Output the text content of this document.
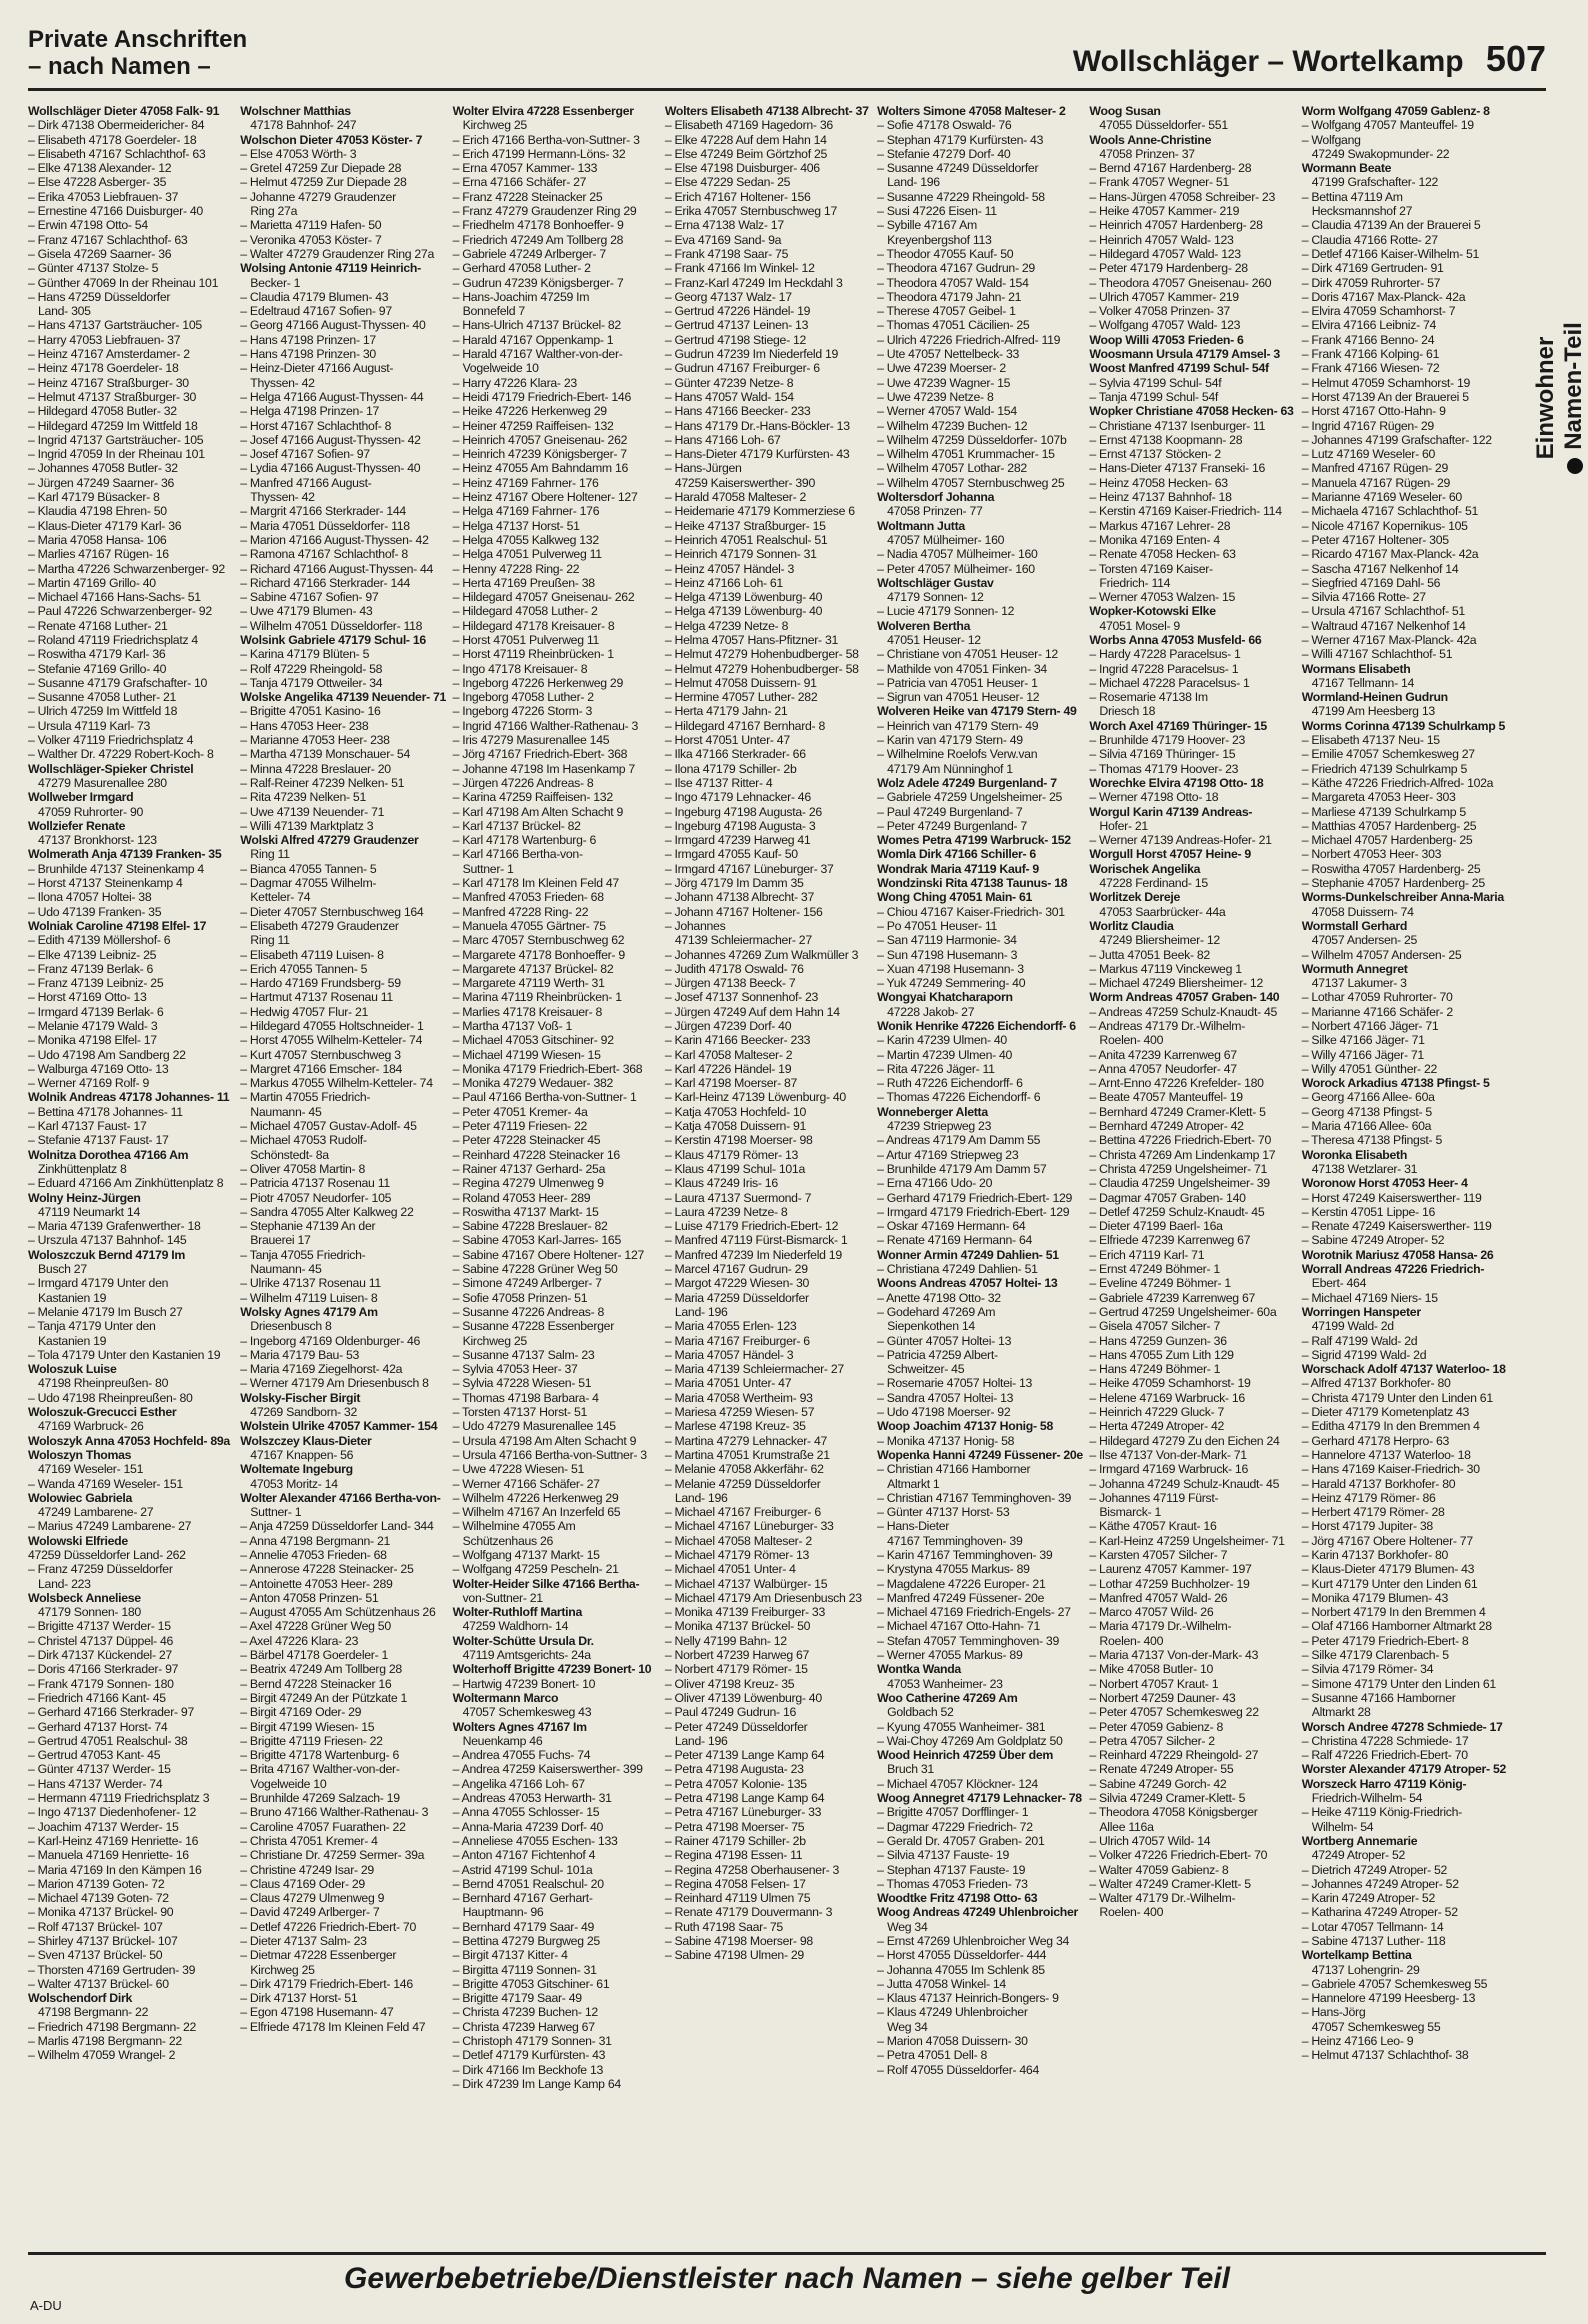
Private Anschriften
– nach Namen –	Wollschläger – Wortelkamp 507
Wollschläger Dieter 47058 Falk- 91
– Dirk 47138 Obermeidericher- 84
– Elisabeth 47178 Goerdeler- 18
– Elisabeth 47167 Schlachthof- 63
– Elke 47138 Alexander- 12
– Else 47228 Asberger- 35
– Erika 47053 Liebfrauen- 37
– Ernestine 47166 Duisburger- 40
– Erwin 47198 Otto- 54
– Franz 47167 Schlachthof- 63
– Gisela 47269 Saarner- 36
– Günter 47137 Stolze- 5
– Günther 47069 In der Rheinau 101
– Hans 47259 Düsseldorfer
Land- 305
– Hans 47137 Gartsträucher- 105
– Harry 47053 Liebfrauen- 37
– Heinz 47167 Amsterdamer- 2
– Heinz 47178 Goerdeler- 18
– Heinz 47167 Straßburger- 30
– Helmut 47137 Straßburger- 30
– Hildegard 47058 Butler- 32
– Hildegard 47259 Im Wittfeld 18
– Ingrid 47137 Gartsträucher- 105
– Ingrid 47059 In der Rheinau 101
– Johannes 47058 Butler- 32
– Jürgen 47249 Saarner- 36
– Karl 47179 Büsacker- 8
– Klaudia 47198 Ehren- 50
– Klaus-Dieter 47179 Karl- 36
– Maria 47058 Hansa- 106
– Marlies 47167 Rügen- 16
– Martha 47226 Schwarzenberger- 92
– Martin 47169 Grillo- 40
– Michael 47166 Hans-Sachs- 51
– Paul 47226 Schwarzenberger- 92
– Renate 47168 Luther- 21
– Roland 47119 Friedrichsplatz 4
– Roswitha 47179 Karl- 36
– Stefanie 47169 Grillo- 40
– Susanne 47179 Grafschafter- 10
– Susanne 47058 Luther- 21
– Ulrich 47259 Im Wittfeld 18
– Ursula 47119 Karl- 73
– Volker 47119 Friedrichsplatz 4
– Walther Dr. 47229 Robert-Koch- 8
Wollschläger-Spieker Christel
47279 Masurenallee 280
Wollweber Irmgard
47059 Ruhrorter- 90
Wollziefer Renate
47137 Bronkhorst- 123
Wolmerath Anja 47139 Franken- 35
– Brunhilde 47137 Steinenkamp 4
– Horst 47137 Steinenkamp 4
– Ilona 47057 Holtei- 38
– Udo 47139 Franken- 35
Wolniak Caroline 47198 Elfel- 17
– Edith 47139 Möllershof- 6
– Elke 47139 Leibniz- 25
– Franz 47139 Berlak- 6
– Franz 47139 Leibniz- 25
– Horst 47169 Otto- 13
– Irmgard 47139 Berlak- 6
– Melanie 47179 Wald- 3
– Monika 47198 Elfel- 17
– Udo 47198 Am Sandberg 22
– Walburga 47169 Otto- 13
– Werner 47169 Rolf- 9
Wolnik Andreas 47178 Johannes- 11
– Bettina 47178 Johannes- 11
– Karl 47137 Faust- 17
– Stefanie 47137 Faust- 17
Wolnitza Dorothea 47166 Am
Zinkhüttenplatz 8
– Eduard 47166 Am Zinkhüttenplatz 8
Wolny Heinz-Jürgen
47119 Neumarkt 14
– Maria 47139 Grafenwerther- 18
– Urszula 47137 Bahnhof- 145
Woloszczuk Bernd 47179 Im
Busch 27
– Irmgard 47179 Unter den
Kastanien 19
– Melanie 47179 Im Busch 27
– Tanja 47179 Unter den
Kastanien 19
– Tola 47179 Unter den Kastanien 19
Woloszuk Luise
47198 Rheinpreußen- 80
– Udo 47198 Rheinpreußen- 80
Woloszuk-Grecucci Esther
47169 Warbruck- 26
Woloszyk Anna 47053 Hochfeld- 89a
Woloszyn Thomas
47169 Weseler- 151
– Wanda 47169 Weseler- 151
Wolowiec Gabriela
47249 Lambarene- 27
– Marius 47249 Lambarene- 27
Wolowski Elfriede
47259 Düsseldorfer Land- 262
– Franz 47259 Düsseldorfer
Land- 223
Wolsbeck Anneliese
47179 Sonnen- 180
– Brigitte 47137 Werder- 15
– Christel 47137 Düppel- 46
– Dirk 47137 Kückendel- 27
– Doris 47166 Sterkrader- 97
– Frank 47179 Sonnen- 180
– Friedrich 47166 Kant- 45
– Gerhard 47166 Sterkrader- 97
– Gerhard 47137 Horst- 74
– Gertrud 47051 Realschul- 38
– Gertrud 47053 Kant- 45
– Günter 47137 Werder- 15
– Hans 47137 Werder- 74
– Hermann 47119 Friedrichsplatz 3
– Ingo 47137 Diedenhofener- 12
– Joachim 47137 Werder- 15
– Karl-Heinz 47169 Henriette- 16
– Manuela 47169 Henriette- 16
– Maria 47169 In den Kämpen 16
– Marion 47139 Goten- 72
– Michael 47139 Goten- 72
– Monika 47137 Brückel- 90
– Rolf 47137 Brückel- 107
– Shirley 47137 Brückel- 107
– Sven 47137 Brückel- 50
– Thorsten 47169 Gertruden- 39
– Walter 47137 Brückel- 60
Wolschendorf Dirk
47198 Bergmann- 22
– Friedrich 47198 Bergmann- 22
– Marlis 47198 Bergmann- 22
– Wilhelm 47059 Wrangel- 2
Wolschner Matthias
47178 Bahnhof- 247
Wolschon Dieter 47053 Köster- 7
– Else 47053 Wörth- 3
– Gretel 47259 Zur Diepade 28
– Helmut 47259 Zur Diepade 28
– Johanne 47279 Graudenzer
Ring 27a
– Marietta 47119 Hafen- 50
– Veronika 47053 Köster- 7
– Walter 47279 Graudenzer Ring 27a
Wolsing Antonie 47119 Heinrich-
Becker- 1
– Claudia 47179 Blumen- 43
– Edeltraud 47167 Sofien- 97
– Georg 47166 August-Thyssen- 40
– Hans 47198 Prinzen- 17
– Hans 47198 Prinzen- 30
– Heinz-Dieter 47166 August-
Thyssen- 42
– Helga 47166 August-Thyssen- 44
– Helga 47198 Prinzen- 17
– Horst 47167 Schlachthof- 8
– Josef 47166 August-Thyssen- 42
– Josef 47167 Sofien- 97
– Lydia 47166 August-Thyssen- 40
– Manfred 47166 August-
Thyssen- 42
– Margrit 47166 Sterkrader- 144
– Maria 47051 Düsseldorfer- 118
– Marion 47166 August-Thyssen- 42
– Ramona 47167 Schlachthof- 8
– Richard 47166 August-Thyssen- 44
– Richard 47166 Sterkrader- 144
– Sabine 47167 Sofien- 97
– Uwe 47179 Blumen- 43
– Wilhelm 47051 Düsseldorfer- 118
Wolsink Gabriele 47179 Schul- 16
– Karina 47179 Blüten- 5
– Rolf 47229 Rheingold- 58
– Tanja 47179 Ottweiler- 34
Wolske Angelika 47139 Neuender- 71
– Brigitte 47051 Kasino- 16
– Hans 47053 Heer- 238
– Marianne 47053 Heer- 238
– Martha 47139 Monschauer- 54
– Minna 47228 Breslauer- 20
– Ralf-Reiner 47239 Nelken- 51
– Rita 47239 Nelken- 51
– Uwe 47139 Neuender- 71
– Willi 47139 Marktplatz 3
Wolski Alfred 47279 Graudenzer
Ring 11
– Bianca 47055 Tannen- 5
– Dagmar 47055 Wilhelm-
Ketteler- 74
– Dieter 47057 Sternbuschweg 164
– Elisabeth 47279 Graudenzer
Ring 11
– Elisabeth 47119 Luisen- 8
– Erich 47055 Tannen- 5
– Hardo 47169 Frundsberg- 59
– Hartmut 47137 Rosenau 11
– Hedwig 47057 Flur- 21
– Hildegard 47055 Holtschneider- 1
– Horst 47055 Wilhelm-Ketteler- 74
– Kurt 47057 Sternbuschweg 3
– Margret 47166 Emscher- 184
– Markus 47055 Wilhelm-Ketteler- 74
– Martin 47055 Friedrich-
Naumann- 45
– Michael 47057 Gustav-Adolf- 45
– Michael 47053 Rudolf-
Schönstedt- 8a
– Oliver 47058 Martin- 8
– Patricia 47137 Rosenau 11
– Piotr 47057 Neudorfer- 105
– Sandra 47055 Alter Kalkweg 22
– Stephanie 47139 An der
Brauerei 17
– Tanja 47055 Friedrich-
Naumann- 45
– Ulrike 47137 Rosenau 11
– Wilhelm 47119 Luisen- 8
Wolsky Agnes 47179 Am
Driesenbusch 8
– Ingeborg 47169 Oldenburger- 46
– Maria 47179 Bau- 53
– Maria 47169 Ziegelhorst- 42a
– Werner 47179 Am Driesenbusch 8
Wolsky-Fischer Birgit
47269 Sandborn- 32
Wolstein Ulrike 47057 Kammer- 154
Wolszczey Klaus-Dieter
47167 Knappen- 56
Woltemate Ingeburg
47053 Moritz- 14
Wolter Alexander 47166 Bertha-von-
Suttner- 1
– Anja 47259 Düsseldorfer Land- 344
– Anna 47198 Bergmann- 21
– Annelie 47053 Frieden- 68
– Annerose 47228 Steinacker- 25
– Antoinette 47053 Heer- 289
– Anton 47058 Prinzen- 51
– August 47055 Am Schützenhaus 26
– Axel 47228 Grüner Weg 50
– Axel 47226 Klara- 23
– Bärbel 47178 Goerdeler- 1
– Beatrix 47249 Am Tollberg 28
– Bernd 47228 Steinacker 16
– Birgit 47249 An der Pützkate 1
– Birgit 47169 Oder- 29
– Birgit 47199 Wiesen- 15
– Brigitte 47119 Friesen- 22
– Brigitte 47178 Wartenburg- 6
– Brita 47167 Walther-von-der-
Vogelweide 10
– Brunhilde 47269 Salzach- 19
– Bruno 47166 Walther-Rathenau- 3
– Caroline 47057 Fuarathen- 22
– Christa 47051 Kremer- 4
– Christiane Dr. 47259 Sermer- 39a
– Christine 47249 Isar- 29
– Claus 47169 Oder- 29
– Claus 47279 Ulmenweg 9
– David 47249 Arlberger- 7
– Detlef 47226 Friedrich-Ebert- 70
– Dieter 47137 Salm- 23
– Dietmar 47228 Essenberger
Kirchweg 25
– Dirk 47179 Friedrich-Ebert- 146
– Dirk 47137 Horst- 51
– Egon 47198 Husemann- 47
– Elfriede 47178 Im Kleinen Feld 47
Wolter Elvira 47228 Essenberger
Kirchweg 25
– Erich 47166 Bertha-von-Suttner- 3
– Erich 47199 Hermann-Löns- 32
– Erna 47057 Kammer- 133
– Erna 47166 Schäfer- 27
– Franz 47228 Steinacker 25
– Franz 47279 Graudenzer Ring 29
– Friedhelm 47178 Bonhoeffer- 9
– Friedrich 47249 Am Tollberg 28
– Gabriele 47249 Arlberger- 7
– Gerhard 47058 Luther- 2
– Gudrun 47239 Königsberger- 7
– Hans-Joachim 47259 Im
Bonnefeld 7
– Hans-Ulrich 47137 Brückel- 82
– Harald 47167 Oppenkamp- 1
– Harald 47167 Walther-von-der-
Vogelweide 10
– Harry 47226 Klara- 23
– Heidi 47179 Friedrich-Ebert- 146
– Heike 47226 Herkenweg 29
– Heiner 47259 Raiffeisen- 132
– Heinrich 47057 Gneisenau- 262
– Heinrich 47239 Königsberger- 7
– Heinz 47055 Am Bahndamm 16
– Heinz 47169 Fahrner- 176
– Heinz 47167 Obere Holtener- 127
– Helga 47169 Fahrner- 176
– Helga 47137 Horst- 51
– Helga 47055 Kalkweg 132
– Helga 47051 Pulverweg 11
– Henny 47228 Ring- 22
– Herta 47169 Preußen- 38
– Hildegard 47057 Gneisenau- 262
– Hildegard 47058 Luther- 2
– Hildegard 47178 Kreisauer- 8
– Horst 47051 Pulverweg 11
– Horst 47119 Rheinbrücken- 1
– Ingo 47178 Kreisauer- 8
– Ingeborg 47226 Herkenweg 29
– Ingeborg 47058 Luther- 2
– Ingeborg 47226 Storm- 3
– Ingrid 47166 Walther-Rathenau- 3
– Iris 47279 Masurenallee 145
– Jörg 47167 Friedrich-Ebert- 368
– Johanne 47198 Im Hasenkamp 7
– Jürgen 47226 Andreas- 8
– Karina 47259 Raiffeisen- 132
– Karl 47198 Am Alten Schacht 9
– Karl 47137 Brückel- 82
– Karl 47178 Wartenburg- 6
– Karl 47166 Bertha-von-
Suttner- 1
– Karl 47178 Im Kleinen Feld 47
– Manfred 47053 Frieden- 68
– Manfred 47228 Ring- 22
– Manuela 47055 Gärtner- 75
– Marc 47057 Sternbuschweg 62
– Margarete 47178 Bonhoeffer- 9
– Margarete 47137 Brückel- 82
– Margarete 47119 Werth- 31
– Marina 47119 Rheinbrücken- 1
– Marlies 47178 Kreisauer- 8
– Martha 47137 Voß- 1
– Michael 47053 Gitschiner- 92
– Michael 47199 Wiesen- 15
– Monika 47179 Friedrich-Ebert- 368
– Monika 47279 Wedauer- 382
– Paul 47166 Bertha-von-Suttner- 1
– Peter 47051 Kremer- 4a
– Peter 47119 Friesen- 22
– Peter 47228 Steinacker 45
– Reinhard 47228 Steinacker 16
– Rainer 47137 Gerhard- 25a
– Regina 47279 Ulmenweg 9
– Roland 47053 Heer- 289
– Roswitha 47137 Markt- 15
– Sabine 47228 Breslauer- 82
– Sabine 47053 Karl-Jarres- 165
– Sabine 47167 Obere Holtener- 127
– Sabine 47228 Grüner Weg 50
– Simone 47249 Arlberger- 7
– Sofie 47058 Prinzen- 51
– Susanne 47226 Andreas- 8
– Susanne 47228 Essenberger
Kirchweg 25
– Susanne 47137 Salm- 23
– Sylvia 47053 Heer- 37
– Sylvia 47228 Wiesen- 51
– Thomas 47198 Barbara- 4
– Torsten 47137 Horst- 51
– Udo 47279 Masurenallee 145
– Ursula 47198 Am Alten Schacht 9
– Ursula 47166 Bertha-von-Suttner- 3
– Uwe 47228 Wiesen- 51
– Werner 47166 Schäfer- 27
– Wilhelm 47226 Herkenweg 29
– Wilhelm 47167 An Inzerfeld 65
– Wilhelmine 47055 Am
Schützenhaus 26
– Wolfgang 47137 Markt- 15
– Wolfgang 47259 Pescheln- 21
Wolter-Heider Silke 47166 Bertha-
von-Suttner- 21
Wolter-Ruthloff Martina
47259 Waldhorn- 14
Wolter-Schütte Ursula Dr.
47119 Amtsgerichts- 24a
Wolterhoff Brigitte 47239 Bonert- 10
– Hartwig 47239 Bonert- 10
Woltermann Marco
47057 Schemkesweg 43
Wolters Agnes 47167 Im
Neuenkamp 46
– Andrea 47055 Fuchs- 74
– Andrea 47259 Kaiserswerther- 399
– Angelika 47166 Loh- 67
– Andreas 47053 Herwarth- 31
– Anna 47055 Schlosser- 15
– Anna-Maria 47239 Dorf- 40
– Anneliese 47055 Eschen- 133
– Anton 47167 Fichtenhof 4
– Astrid 47199 Schul- 101a
– Bernd 47051 Realschul- 20
– Bernhard 47167 Gerhart-
Hauptmann- 96
– Bernhard 47179 Saar- 49
– Bettina 47279 Burgweg 25
– Birgit 47137 Kitter- 4
– Birgitta 47119 Sonnen- 31
– Brigitte 47053 Gitschiner- 61
– Brigitte 47179 Saar- 49
– Christa 47239 Buchen- 12
– Christa 47239 Harweg 67
– Christoph 47179 Sonnen- 31
– Detlef 47179 Kurfürsten- 43
– Dirk 47166 Im Beckhofe 13
– Dirk 47239 Im Lange Kamp 64
Wolters Elisabeth 47138 Albrecht- 37
– Elisabeth 47169 Hagedorn- 36
– Elke 47228 Auf dem Hahn 14
– Else 47249 Beim Görtzhof 25
– Else 47198 Duisburger- 406
– Else 47229 Sedan- 25
– Erich 47167 Holtener- 156
– Erika 47057 Sternbuschweg 17
– Erna 47138 Walz- 17
– Eva 47169 Sand- 9a
– Frank 47198 Saar- 75
– Frank 47166 Im Winkel- 12
– Franz-Karl 47249 Im Heckdahl 3
– Georg 47137 Walz- 17
– Gertrud 47226 Händel- 19
– Gertrud 47137 Leinen- 13
– Gertrud 47198 Stiege- 12
– Gudrun 47239 Im Niederfeld 19
– Gudrun 47167 Freiburger- 6
– Günter 47239 Netze- 8
– Hans 47057 Wald- 154
– Hans 47166 Beecker- 233
– Hans 47179 Dr.-Hans-Böckler- 13
– Hans 47166 Loh- 67
– Hans-Dieter 47179 Kurfürsten- 43
– Hans-Jürgen
47259 Kaiserswerther- 390
– Harald 47058 Malteser- 2
– Heidemarie 47179 Kommerziese 6
– Heike 47137 Straßburger- 15
– Heinrich 47051 Realschul- 51
– Heinrich 47179 Sonnen- 31
– Heinz 47057 Händel- 3
– Heinz 47166 Loh- 61
– Helga 47139 Löwenburg- 40
– Helga 47139 Löwenburg- 40
– Helga 47239 Netze- 8
– Helma 47057 Hans-Pfitzner- 31
– Helmut 47279 Hohenbudberger- 58
– Helmut 47279 Hohenbudberger- 58
– Helmut 47058 Duissern- 91
– Hermine 47057 Luther- 282
– Herta 47179 Jahn- 21
– Hildegard 47167 Bernhard- 8
– Horst 47051 Unter- 47
– Ilka 47166 Sterkrader- 66
– Ilona 47179 Schiller- 2b
– Ilse 47137 Ritter- 4
– Ingo 47179 Lehnacker- 46
– Ingeburg 47198 Augusta- 26
– Ingeburg 47198 Augusta- 3
– Irmgard 47239 Harweg 41
– Irmgard 47055 Kauf- 50
– Irmgard 47167 Lüneburger- 37
– Jörg 47179 Im Damm 35
– Johann 47138 Albrecht- 37
– Johann 47167 Holtener- 156
– Johannes
47139 Schleiermacher- 27
– Johannes 47269 Zum Walkmüller 3
– Judith 47178 Oswald- 76
– Jürgen 47138 Beeck- 7
– Josef 47137 Sonnenhof- 23
– Jürgen 47249 Auf dem Hahn 14
– Jürgen 47239 Dorf- 40
– Karin 47166 Beecker- 233
– Karl 47058 Malteser- 2
– Karl 47226 Händel- 19
– Karl 47198 Moerser- 87
– Karl-Heinz 47139 Löwenburg- 40
– Katja 47053 Hochfeld- 10
– Katja 47058 Duissern- 91
– Kerstin 47198 Moerser- 98
– Klaus 47179 Römer- 13
– Klaus 47199 Schul- 101a
– Klaus 47249 Iris- 16
– Laura 47137 Suermond- 7
– Laura 47239 Netze- 8
– Luise 47179 Friedrich-Ebert- 12
– Manfred 47119 Fürst-Bismarck- 1
– Manfred 47239 Im Niederfeld 19
– Marcel 47167 Gudrun- 29
– Margot 47229 Wiesen- 30
– Maria 47259 Düsseldorfer
Land- 196
– Maria 47055 Erlen- 123
– Maria 47167 Freiburger- 6
– Maria 47057 Händel- 3
– Maria 47139 Schleiermacher- 27
– Maria 47051 Unter- 47
– Maria 47058 Wertheim- 93
– Mariesa 47259 Wiesen- 57
– Marlese 47198 Kreuz- 35
– Martina 47279 Lehnacker- 47
– Martina 47051 Krumstraße 21
– Melanie 47058 Akkerfähr- 62
– Melanie 47259 Düsseldorfer
Land- 196
– Michael 47167 Freiburger- 6
– Michael 47167 Lüneburger- 33
– Michael 47058 Malteser- 2
– Michael 47179 Römer- 13
– Michael 47051 Unter- 4
– Michael 47137 Walbürger- 15
– Michael 47179 Am Driesenbusch 23
– Monika 47139 Freiburger- 33
– Monika 47137 Brückel- 50
– Nelly 47199 Bahn- 12
– Norbert 47239 Harweg 67
– Norbert 47179 Römer- 15
– Oliver 47198 Kreuz- 35
– Oliver 47139 Löwenburg- 40
– Paul 47249 Gudrun- 16
– Peter 47249 Düsseldorfer
Land- 196
– Peter 47139 Lange Kamp 64
– Petra 47198 Augusta- 23
– Petra 47057 Kolonie- 135
– Petra 47198 Lange Kamp 64
– Petra 47167 Lüneburger- 33
– Petra 47198 Moerser- 75
– Rainer 47179 Schiller- 2b
– Regina 47198 Essen- 11
– Regina 47258 Oberhausener- 3
– Regina 47058 Felsen- 17
– Reinhard 47119 Ulmen 75
– Renate 47179 Douvermann- 3
– Ruth 47198 Saar- 75
– Sabine 47198 Moerser- 98
– Sabine 47198 Ulmen- 29
Wolters Simone 47058 Malteser- 2
– Sofie 47178 Oswald- 76
– Stephan 47179 Kurfürsten- 43
– Stefanie 47279 Dorf- 40
– Susanne 47249 Düsseldorfer
Land- 196
– Susanne 47229 Rheingold- 58
– Susi 47226 Eisen- 11
– Sybille 47167 Am
Kreyenbergshof 113
– Theodor 47055 Kauf- 50
– Theodora 47167 Gudrun- 29
– Theodora 47057 Wald- 154
– Theodora 47179 Jahn- 21
– Therese 47057 Geibel- 1
– Thomas 47051 Cäcilien- 25
– Ulrich 47226 Friedrich-Alfred- 119
– Ute 47057 Nettelbeck- 33
– Uwe 47239 Moerser- 2
– Uwe 47239 Wagner- 15
– Uwe 47239 Netze- 8
– Werner 47057 Wald- 154
– Wilhelm 47239 Buchen- 12
– Wilhelm 47259 Düsseldorfer- 107b
– Wilhelm 47051 Krummacher- 15
– Wilhelm 47057 Lothar- 282
– Wilhelm 47057 Sternbuschweg 25
Woltersdorf Johanna
47058 Prinzen- 77
Woltmann Jutta
47057 Mülheimer- 160
– Nadia 47057 Mülheimer- 160
– Peter 47057 Mülheimer- 160
Woltschläger Gustav
47179 Sonnen- 12
– Lucie 47179 Sonnen- 12
Wolveren Bertha
47051 Heuser- 12
– Christiane von 47051 Heuser- 12
– Mathilde von 47051 Finken- 34
– Patricia van 47051 Heuser- 1
– Sigrun van 47051 Heuser- 12
Wolveren Heike van 47179 Stern- 49
– Heinrich van 47179 Stern- 49
– Karin van 47179 Stern- 49
– Wilhelmine Roelofs Verw.van
47179 Am Nünninghof 1
Wolz Adele 47249 Burgenland- 7
– Gabriele 47259 Ungelsheimer- 25
– Paul 47249 Burgenland- 7
– Peter 47249 Burgenland- 7
Womes Petra 47199 Warbruck- 152
Womla Dirk 47166 Schiller- 6
Wondrak Maria 47119 Kauf- 9
Wondzinski Rita 47138 Taunus- 18
Wong Ching 47051 Main- 61
– Chiou 47167 Kaiser-Friedrich- 301
– Po 47051 Heuser- 11
– San 47119 Harmonie- 34
– Sun 47198 Husemann- 3
– Xuan 47198 Husemann- 3
– Yuk 47249 Semmering- 40
Wongyai Khatcharaporn
47228 Jakob- 27
Wonik Henrike 47226 Eichendorff- 6
– Karin 47239 Ulmen- 40
– Martin 47239 Ulmen- 40
– Rita 47226 Jäger- 11
– Ruth 47226 Eichendorff- 6
– Thomas 47226 Eichendorff- 6
Wonneberger Aletta
47239 Striepweg 23
– Andreas 47179 Am Damm 55
– Artur 47169 Striepweg 23
– Brunhilde 47179 Am Damm 57
– Erna 47166 Udo- 20
– Gerhard 47179 Friedrich-Ebert- 129
– Irmgard 47179 Friedrich-Ebert- 129
– Oskar 47169 Hermann- 64
– Renate 47169 Hermann- 64
Wonner Armin 47249 Dahlien- 51
– Christiana 47249 Dahlien- 51
Woons Andreas 47057 Holtei- 13
– Anette 47198 Otto- 32
– Godehard 47269 Am
Siepenkothen 14
– Günter 47057 Holtei- 13
– Patricia 47259 Albert-
Schweitzer- 45
– Rosemarie 47057 Holtei- 13
– Sandra 47057 Holtei- 13
– Udo 47198 Moerser- 92
Woop Joachim 47137 Honig- 58
– Monika 47137 Honig- 58
Wopenka Hanni 47249 Füssener- 20e
– Christian 47166 Hamborner
Altmarkt 1
– Christian 47167 Temminghoven- 39
– Günter 47137 Horst- 53
– Hans-Dieter
47167 Temminghoven- 39
– Karin 47167 Temminghoven- 39
– Krystyna 47055 Markus- 89
– Magdalene 47226 Europer- 21
– Manfred 47249 Füssener- 20e
– Michael 47169 Friedrich-Engels- 27
– Michael 47167 Otto-Hahn- 71
– Stefan 47057 Temminghoven- 39
– Werner 47055 Markus- 89
Wontka Wanda
47053 Wanheimer- 23
Woo Catherine 47269 Am
Goldbach 52
– Kyung 47055 Wanheimer- 381
– Wai-Choy 47269 Am Goldplatz 50
Wood Heinrich 47259 Über dem
Bruch 31
– Michael 47057 Klöckner- 124
Woog Annegret 47179 Lehnacker- 78
– Brigitte 47057 Dorfflinger- 1
– Dagmar 47229 Friedrich- 72
– Gerald Dr. 47057 Graben- 201
– Silvia 47137 Fauste- 19
– Stephan 47137 Fauste- 19
– Thomas 47053 Frieden- 73
Woodtke Fritz 47198 Otto- 63
Woog Andreas 47249 Uhlenbroicher
Weg 34
– Ernst 47269 Uhlenbroicher Weg 34
– Horst 47055 Düsseldorfer- 444
– Johanna 47055 Im Schlenk 85
– Jutta 47058 Winkel- 14
– Klaus 47137 Heinrich-Bongers- 9
– Klaus 47249 Uhlenbroicher
Weg 34
– Marion 47058 Duissern- 30
– Petra 47051 Dell- 8
– Rolf 47055 Düsseldorfer- 464
Woog Susan
47055 Düsseldorfer- 551
Wools Anne-Christine
47058 Prinzen- 37
– Bernd 47167 Hardenberg- 28
– Frank 47057 Wegner- 51
– Hans-Jürgen 47058 Schreiber- 23
– Heike 47057 Kammer- 219
– Heinrich 47057 Hardenberg- 28
– Heinrich 47057 Wald- 123
– Hildegard 47057 Wald- 123
– Peter 47179 Hardenberg- 28
– Theodora 47057 Gneisenau- 260
– Ulrich 47057 Kammer- 219
– Volker 47058 Prinzen- 37
– Wolfgang 47057 Wald- 123
Woop Willi 47053 Frieden- 6
Woosmann Ursula 47179 Amsel- 3
Woost Manfred 47199 Schul- 54f
– Sylvia 47199 Schul- 54f
– Tanja 47199 Schul- 54f
Wopker Christiane 47058 Hecken- 63
– Christiane 47137 Isenburger- 11
– Ernst 47138 Koopmann- 28
– Ernst 47137 Stöcken- 2
– Hans-Dieter 47137 Franseki- 16
– Heinz 47058 Hecken- 63
– Heinz 47137 Bahnhof- 18
– Kerstin 47169 Kaiser-Friedrich- 114
– Markus 47167 Lehrer- 28
– Monika 47169 Enten- 4
– Renate 47058 Hecken- 63
– Torsten 47169 Kaiser-
Friedrich- 114
– Werner 47053 Walzen- 15
Wopker-Kotowski Elke
47051 Mosel- 9
Worbs Anna 47053 Musfeld- 66
– Hardy 47228 Paracelsus- 1
– Ingrid 47228 Paracelsus- 1
– Michael 47228 Paracelsus- 1
– Rosemarie 47138 Im
Driesch 18
Worch Axel 47169 Thüringer- 15
– Brunhilde 47179 Hoover- 23
– Silvia 47169 Thüringer- 15
– Thomas 47179 Hoover- 23
Worechke Elvira 47198 Otto- 18
– Werner 47198 Otto- 18
Worgul Karin 47139 Andreas-
Hofer- 21
– Werner 47139 Andreas-Hofer- 21
Worgull Horst 47057 Heine- 9
Worischek Angelika
47228 Ferdinand- 15
Worlitzek Dereje
47053 Saarbrücker- 44a
Worlitz Claudia
47249 Bliersheimer- 12
– Jutta 47051 Beek- 82
– Markus 47119 Vinckeweg 1
– Michael 47249 Bliersheimer- 12
Worm Andreas 47057 Graben- 140
– Andreas 47259 Schulz-Knaudt- 45
– Andreas 47179 Dr.-Wilhelm-
Roelen- 400
– Anita 47239 Karrenweg 67
– Anna 47057 Neudorfer- 47
– Arnt-Enno 47226 Krefelder- 180
– Beate 47057 Manteuffel- 19
– Bernhard 47249 Cramer-Klett- 5
– Bernhard 47249 Atroper- 42
– Bettina 47226 Friedrich-Ebert- 70
– Christa 47269 Am Lindenkamp 17
– Christa 47259 Ungelsheimer- 71
– Claudia 47259 Ungelsheimer- 39
– Dagmar 47057 Graben- 140
– Detlef 47259 Schulz-Knaudt- 45
– Dieter 47199 Baerl- 16a
– Elfriede 47239 Karrenweg 67
– Erich 47119 Karl- 71
– Ernst 47249 Böhmer- 1
– Eveline 47249 Böhmer- 1
– Gabriele 47239 Karrenweg 67
– Gertrud 47259 Ungelsheimer- 60a
– Gisela 47057 Silcher- 7
– Hans 47259 Gunzen- 36
– Hans 47055 Zum Lith 129
– Hans 47249 Böhmer- 1
– Heike 47059 Schamhorst- 19
– Helene 47169 Warbruck- 16
– Heinrich 47229 Gluck- 7
– Herta 47249 Atroper- 42
– Hildegard 47279 Zu den Eichen 24
– Ilse 47137 Von-der-Mark- 71
– Irmgard 47169 Warbruck- 16
– Johanna 47249 Schulz-Knaudt- 45
– Johannes 47119 Fürst-
Bismarck- 1
– Käthe 47057 Kraut- 16
– Karl-Heinz 47259 Ungelsheimer- 71
– Karsten 47057 Silcher- 7
– Laurenz 47057 Kammer- 197
– Lothar 47259 Buchholzer- 19
– Manfred 47057 Wald- 26
– Marco 47057 Wild- 26
– Maria 47179 Dr.-Wilhelm-
Roelen- 400
– Maria 47137 Von-der-Mark- 43
– Mike 47058 Butler- 10
– Norbert 47057 Kraut- 1
– Norbert 47259 Dauner- 43
– Peter 47057 Schemkesweg 22
– Peter 47059 Gabienz- 8
– Petra 47057 Silcher- 2
– Reinhard 47229 Rheingold- 27
– Renate 47249 Atroper- 55
– Sabine 47249 Gorch- 42
– Silvia 47249 Cramer-Klett- 5
– Theodora 47058 Königsberger
Allee 116a
– Ulrich 47057 Wild- 14
– Volker 47226 Friedrich-Ebert- 70
– Walter 47059 Gabienz- 8
– Walter 47249 Cramer-Klett- 5
– Walter 47179 Dr.-Wilhelm-
Roelen- 400
Worm Wolfgang 47059 Gablenz- 8
– Wolfgang 47057 Manteuffel- 19
– Wolfgang
47249 Swakopmunder- 22
Wormann Beate
47199 Grafschafter- 122
– Bettina 47119 Am
Hecksmannshof 27
– Claudia 47139 An der Brauerei 5
– Claudia 47166 Rotte- 27
– Detlef 47166 Kaiser-Wilhelm- 51
– Dirk 47169 Gertruden- 91
– Dirk 47059 Ruhrorter- 57
– Doris 47167 Max-Planck- 42a
– Elvira 47059 Schamhorst- 7
– Elvira 47166 Leibniz- 74
– Frank 47166 Benno- 24
– Frank 47166 Kolping- 61
– Frank 47166 Wiesen- 72
– Helmut 47059 Schamhorst- 19
– Horst 47139 An der Brauerei 5
– Horst 47167 Otto-Hahn- 9
– Ingrid 47167 Rügen- 29
– Johannes 47199 Grafschafter- 122
– Lutz 47169 Weseler- 60
– Manfred 47167 Rügen- 29
– Manuela 47167 Rügen- 29
– Marianne 47169 Weseler- 60
– Michaela 47167 Schlachthof- 51
– Nicole 47167 Kopernikus- 105
– Peter 47167 Holtener- 305
– Ricardo 47167 Max-Planck- 42a
– Sascha 47167 Nelkenhof 14
– Siegfried 47169 Dahl- 56
– Silvia 47166 Rotte- 27
– Ursula 47167 Schlachthof- 51
– Waltraud 47167 Nelkenhof 14
– Werner 47167 Max-Planck- 42a
– Willi 47167 Schlachthof- 51
Wormans Elisabeth
47167 Tellmann- 14
Wormland-Heinen Gudrun
47199 Am Heesberg 13
Worms Corinna 47139 Schulrkamp 5
– Elisabeth 47137 Neu- 15
– Emilie 47057 Schemkesweg 27
– Friedrich 47139 Schulrkamp 5
– Käthe 47226 Friedrich-Alfred- 102a
– Margareta 47053 Heer- 303
– Marliese 47139 Schulrkamp 5
– Matthias 47057 Hardenberg- 25
– Michael 47057 Hardenberg- 25
– Norbert 47053 Heer- 303
– Roswitha 47057 Hardenberg- 25
– Stephanie 47057 Hardenberg- 25
Worms-Dunkelschreiber Anna-Maria
47058 Duissern- 74
Wormstall Gerhard
47057 Andersen- 25
– Wilhelm 47057 Andersen- 25
Wormuth Annegret
47137 Lakumer- 3
– Lothar 47059 Ruhrorter- 70
– Marianne 47166 Schäfer- 2
– Norbert 47166 Jäger- 71
– Silke 47166 Jäger- 71
– Willy 47166 Jäger- 71
– Willy 47051 Günther- 22
Worock Arkadius 47138 Pfingst- 5
– Georg 47166 Allee- 60a
– Georg 47138 Pfingst- 5
– Maria 47166 Allee- 60a
– Theresa 47138 Pfingst- 5
Woronka Elisabeth
47138 Wetzlarer- 31
Woronow Horst 47053 Heer- 4
– Horst 47249 Kaiserswerther- 119
– Kerstin 47051 Lippe- 16
– Renate 47249 Kaiserswerther- 119
– Sabine 47249 Atroper- 52
Worotnik Mariusz 47058 Hansa- 26
Worrall Andreas 47226 Friedrich-
Ebert- 464
– Michael 47169 Niers- 15
Worringen Hanspeter
47199 Wald- 2d
– Ralf 47199 Wald- 2d
– Sigrid 47199 Wald- 2d
Worschack Adolf 47137 Waterloo- 18
– Alfred 47137 Borkhofer- 80
– Christa 47179 Unter den Linden 61
– Dieter 47179 Kometenplatz 43
– Editha 47179 In den Bremmen 4
– Gerhard 47178 Herpro- 63
– Hannelore 47137 Waterloo- 18
– Hans 47169 Kaiser-Friedrich- 30
– Harald 47137 Borkhofer- 80
– Heinz 47179 Römer- 86
– Herbert 47179 Römer- 28
– Horst 47179 Jupiter- 38
– Jörg 47167 Obere Holtener- 77
– Karin 47137 Borkhofer- 80
– Klaus-Dieter 47179 Blumen- 43
– Kurt 47179 Unter den Linden 61
– Monika 47179 Blumen- 43
– Norbert 47179 In den Bremmen 4
– Olaf 47166 Hamborner Altmarkt 28
– Peter 47179 Friedrich-Ebert- 8
– Silke 47179 Clarenbach- 5
– Silvia 47179 Römer- 34
– Simone 47179 Unter den Linden 61
– Susanne 47166 Hamborner
Altmarkt 28
Worsch Andree 47278 Schmiede- 17
– Christina 47228 Schmiede- 17
– Ralf 47226 Friedrich-Ebert- 70
Worster Alexander 47179 Atroper- 52
Worszeck Harro 47119 König-
Friedrich-Wilhelm- 54
– Heike 47119 König-Friedrich-
Wilhelm- 54
Wortberg Annemarie
47249 Atroper- 52
– Dietrich 47249 Atroper- 52
– Johannes 47249 Atroper- 52
– Karin 47249 Atroper- 52
– Katharina 47249 Atroper- 52
– Lotar 47057 Tellmann- 14
– Sabine 47137 Luther- 118
Wortelkamp Bettina
47137 Lohengrin- 29
– Gabriele 47057 Schemkesweg 55
– Hannelore 47199 Heesberg- 13
– Hans-Jörg
47057 Schemkesweg 55
– Heinz 47166 Leo- 9
– Helmut 47137 Schlachthof- 38
Einwohner
Namen-Teil
Gewerbebetriebe/Dienstleister nach Namen – siehe gelber Teil
A-DU
